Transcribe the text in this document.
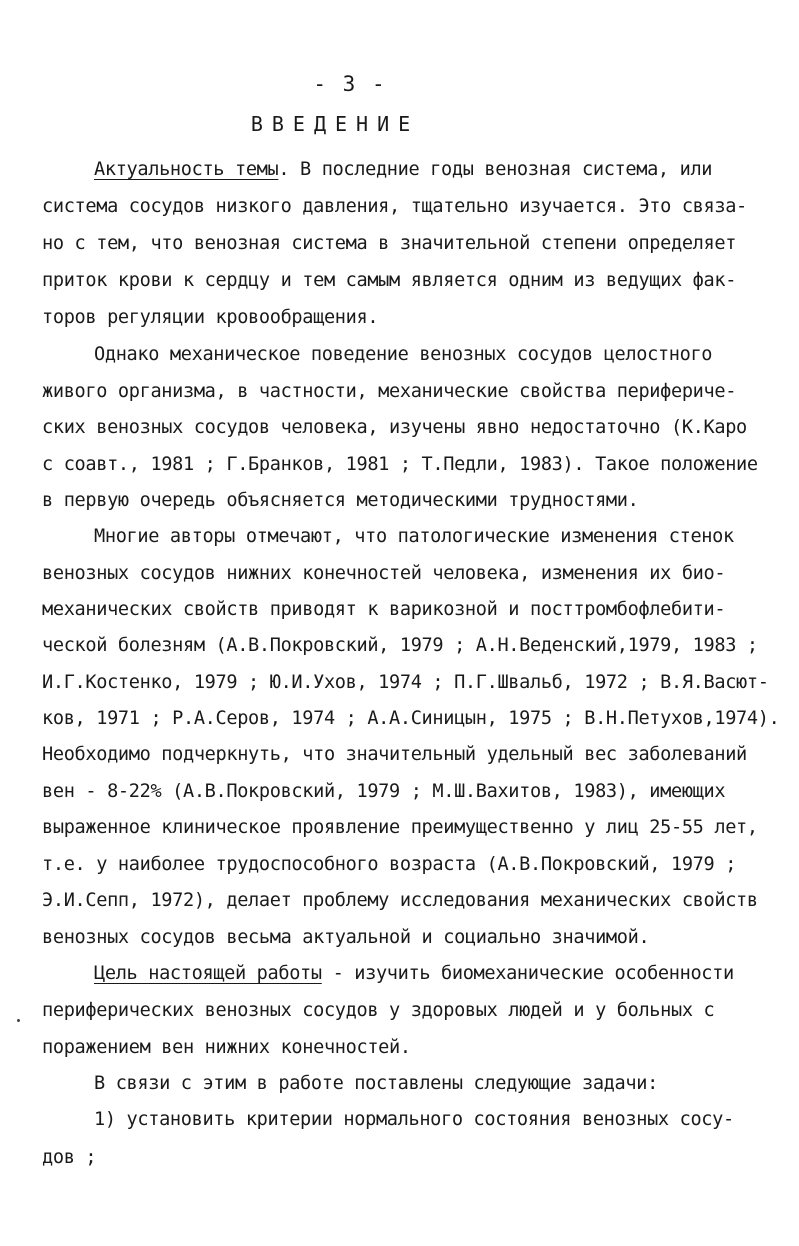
- 3 -
ВВЕДЕНИЕ
Актуальность темы. В последние годы венозная система, или
система сосудов низкого давления, тщательно изучается. Это связа-
но с тем, что венозная система в значительной степени определяет
приток крови к сердцу и тем самым является одним из ведущих фак-
торов регуляции кровообращения.
Однако механическое поведение венозных сосудов целостного
живого организма, в частности, механические свойства перифериче-
ских венозных сосудов человека, изучены явно недостаточно (К.Каро
с соавт., 1981 ; Г.Бранков, 1981 ; Т.Педли, 1983). Такое положение
в первую очередь объясняется методическими трудностями.
Многие авторы отмечают, что патологические изменения стенок
венозных сосудов нижних конечностей человека, изменения их био-
механических свойств приводят к варикозной и посттромбофлебити-
ческой болезням (А.В.Покровский, 1979 ; А.Н.Веденский,1979, 1983 ;
И.Г.Костенко, 1979 ; Ю.И.Ухов, 1974 ; П.Г.Швальб, 1972 ; В.Я.Васют-
ков, 1971 ; Р.А.Серов, 1974 ; А.А.Синицын, 1975 ; В.Н.Петухов,1974).
Необходимо подчеркнуть, что значительный удельный вес заболеваний
вен - 8-22% (А.В.Покровский, 1979 ; М.Ш.Вахитов, 1983), имеющих
выраженное клиническое проявление преимущественно у лиц 25-55 лет,
т.е. у наиболее трудоспособного возраста (А.В.Покровский, 1979 ;
Э.И.Сепп, 1972), делает проблему исследования механических свойств
венозных сосудов весьма актуальной и социально значимой.
Цель настоящей работы - изучить биомеханические особенности
периферических венозных сосудов у здоровых людей и у больных с
поражением вен нижних конечностей.
В связи с этим в работе поставлены следующие задачи:
1) установить критерии нормального состояния венозных сосу-
дов ;
